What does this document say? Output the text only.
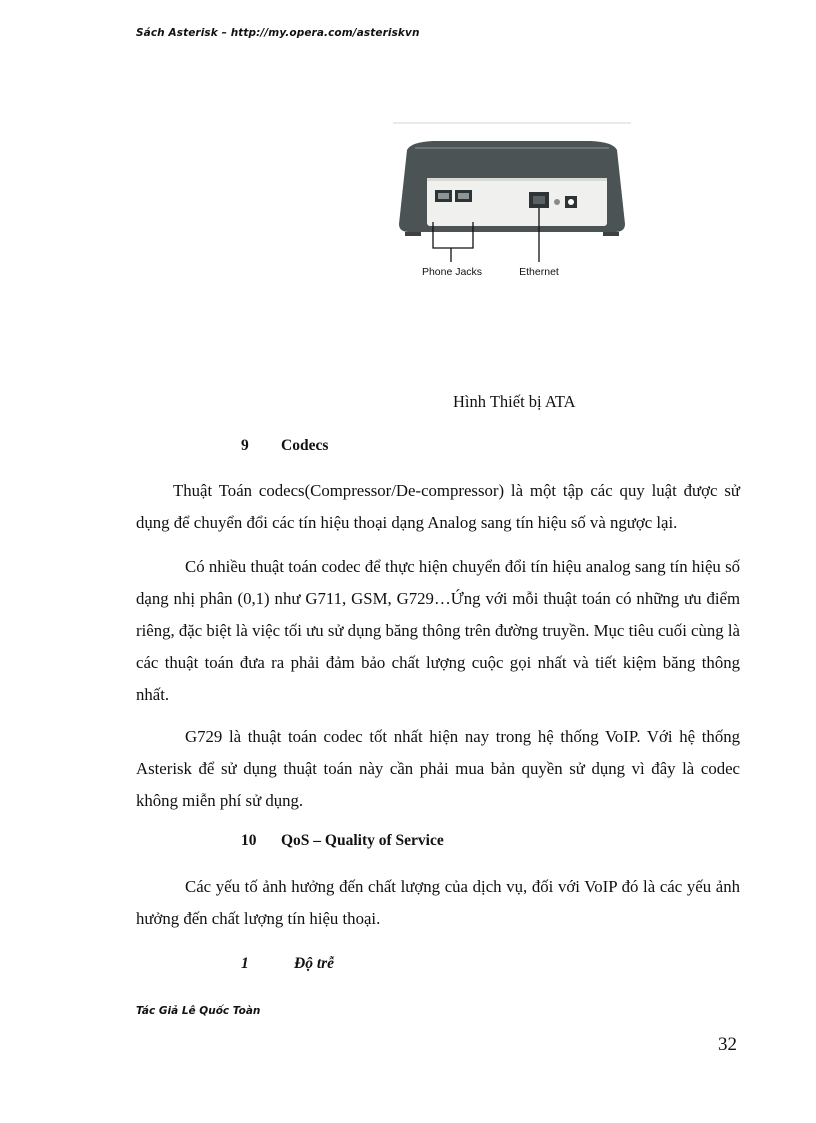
Sách Asterisk – http://my.opera.com/asteriskvn
Phone Jacks	Ethernet
Hình Thiết bị ATA
9 Codecs

Thuật Toán codecs(Compressor/De-compressor) là một tập các quy luật được sử dụng để chuyển đổi các tín hiệu thoại dạng Analog sang tín hiệu số và ngược lại.

Có nhiều thuật toán codec để thực hiện chuyển đổi tín hiệu analog sang tín hiệu số dạng nhị phân (0,1) như G711, GSM, G729…Ứng với mỗi thuật toán có những ưu điểm riêng, đặc biệt là việc tối ưu sử dụng băng thông trên đường truyền. Mục tiêu cuối cùng là các thuật toán đưa ra phải đảm bảo chất lượng cuộc gọi nhất và tiết kiệm băng thông nhất.

G729 là thuật toán codec tốt nhất hiện nay trong hệ thống VoIP. Với hệ thống Asterisk để sử dụng thuật toán này cần phải mua bản quyền sử dụng vì đây là codec không miễn phí sử dụng.

10 QoS – Quality of Service

Các yếu tố ảnh hưởng đến chất lượng của dịch vụ, đối với VoIP đó là các yếu ảnh hưởng đến chất lượng tín hiệu thoại.

1	Độ trễ
Tác Giả Lê Quốc Toàn
32
